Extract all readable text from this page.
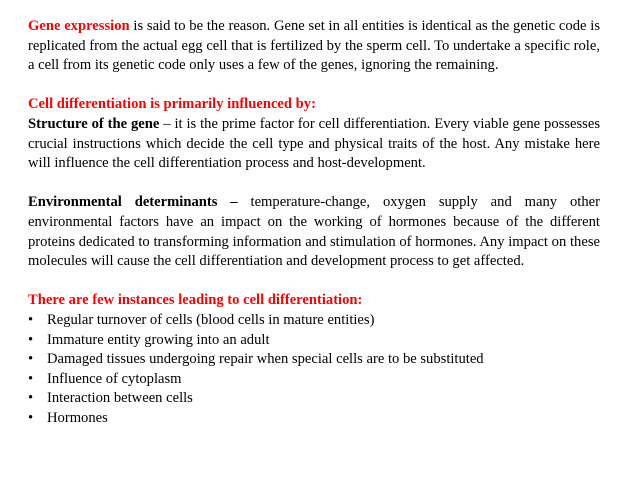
Gene expression is said to be the reason. Gene set in all entities is identical as the genetic code is replicated from the actual egg cell that is fertilized by the sperm cell. To undertake a specific role, a cell from its genetic code only uses a few of the genes, ignoring the remaining.

Cell differentiation is primarily influenced by:

Structure of the gene – it is the prime factor for cell differentiation. Every viable gene possesses crucial instructions which decide the cell type and physical traits of the host. Any mistake here will influence the cell differentiation process and host-development.

Environmental determinants – temperature-change, oxygen supply and many other environmental factors have an impact on the working of hormones because of the different proteins dedicated to transforming information and stimulation of hormones. Any impact on these molecules will cause the cell differentiation and development process to get affected.

There are few instances leading to cell differentiation:

• Regular turnover of cells (blood cells in mature entities)
• Immature entity growing into an adult
• Damaged tissues undergoing repair when special cells are to be substituted
• Influence of cytoplasm
• Interaction between cells
• Hormones
